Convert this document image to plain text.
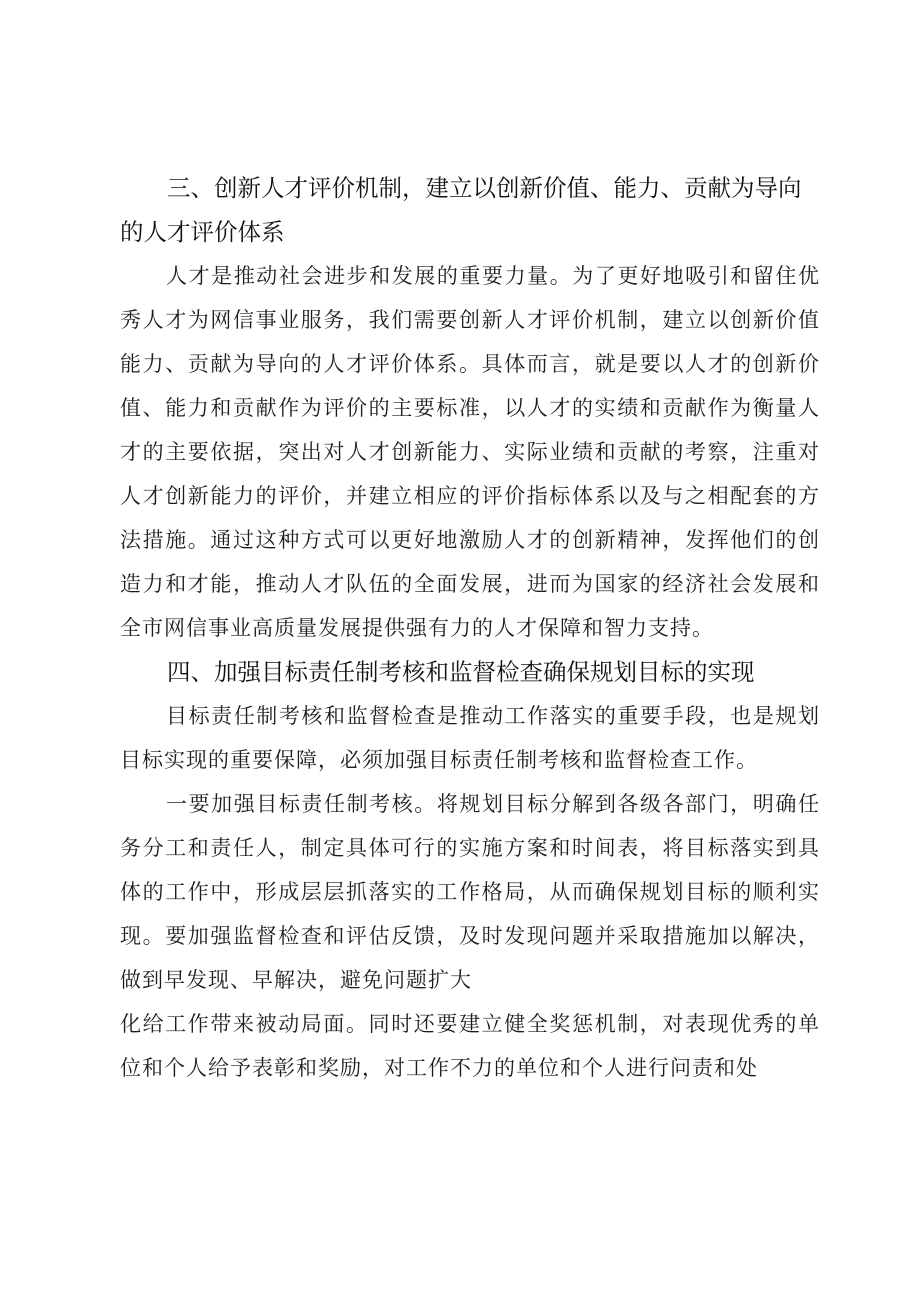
三、创新人才评价机制，建立以创新价值、能力、贡献为导向的人才评价体系

人才是推动社会进步和发展的重要力量。为了更好地吸引和留住优秀人才为网信事业服务，我们需要创新人才评价机制，建立以创新价值能力、贡献为导向的人才评价体系。具体而言，就是要以人才的创新价值、能力和贡献作为评价的主要标准，以人才的实绩和贡献作为衡量人才的主要依据，突出对人才创新能力、实际业绩和贡献的考察，注重对人才创新能力的评价，并建立相应的评价指标体系以及与之相配套的方法措施。通过这种方式可以更好地激励人才的创新精神，发挥他们的创造力和才能，推动人才队伍的全面发展，进而为国家的经济社会发展和全市网信事业高质量发展提供强有力的人才保障和智力支持。

四、加强目标责任制考核和监督检查确保规划目标的实现

目标责任制考核和监督检查是推动工作落实的重要手段，也是规划目标实现的重要保障，必须加强目标责任制考核和监督检查工作。

一要加强目标责任制考核。将规划目标分解到各级各部门，明确任务分工和责任人，制定具体可行的实施方案和时间表，将目标落实到具体的工作中，形成层层抓落实的工作格局，从而确保规划目标的顺利实现。要加强监督检查和评估反馈，及时发现问题并采取措施加以解决，做到早发现、早解决，避免问题扩大

化给工作带来被动局面。同时还要建立健全奖惩机制，对表现优秀的单位和个人给予表彰和奖励，对工作不力的单位和个人进行问责和处
